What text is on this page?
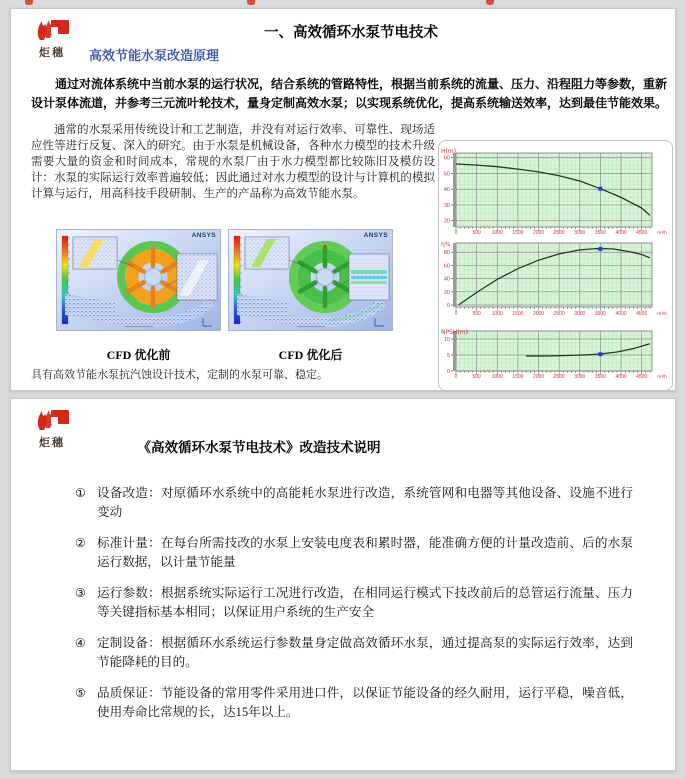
炬穗
一、高效循环水泵节电技术
高效节能水泵改造原理
通过对流体系统中当前水泵的运行状况，结合系统的管路特性，根据当前系统的流量、压力、沿程阻力等参数，重新设计泵体流道，并参考三元流叶轮技术，量身定制高效水泵；以实现系统优化，提高系统输送效率，达到最佳节能效果。
通常的水泵采用传统设计和工艺制造，并没有对运行效率、可靠性、现场适应性等进行反复、深入的研究。由于水泵是机械设备，各种水力模型的技术升级需要大量的资金和时间成本，常规的水泵厂由于水力模型都比较陈旧及模仿设计：水泵的实际运行效率普遍较低；因此通过对水力模型的设计与计算机的模拟计算与运行，用高科技手段研制、生产的产品称为高效节能水泵。
ANSYS	ANSYS
CFD 优化前	CFD 优化后
具有高效节能水泵抗汽蚀设计技术，定制的水泵可靠、稳定。
H(m)
20
30
40
50
60
0	500 1000 1500 2000 2500 3000 3500 4000 4500 m³/h
η%
0
20
40
60
80
0	500 1000 1500 2000 2500 3000 3500 4000 4500 m³/h
NPSH(m)
0
5
10
0	500 1000 1500 2000 2500 3000 3500 4000 4500 m³/h
炬穗	《高效循环水泵节电技术》改造技术说明
① 设备改造：对原循环水系统中的高能耗水泵进行改造，系统管网和电器等其他设备、设施不进行变动
② 标准计量：在每台所需技改的水泵上安装电度表和累时器，能准确方便的计量改造前、后的水泵运行数据，以计量节能量
③ 运行参数：根据系统实际运行工况进行改造，在相同运行模式下技改前后的总管运行流量、压力等关键指标基本相同；以保证用户系统的生产安全
④ 定制设备：根据循环水系统运行参数量身定做高效循环水泵，通过提高泵的实际运行效率，达到节能降耗的目的。
⑤ 品质保证：节能设备的常用零件采用进口件，以保证节能设备的经久耐用，运行平稳，噪音低，使用寿命比常规的长，达15年以上。
